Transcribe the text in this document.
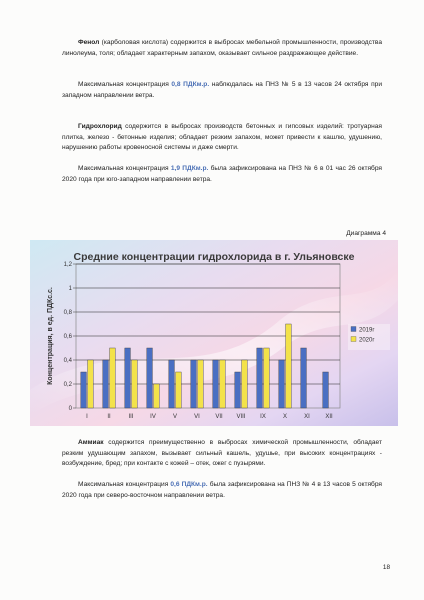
Фенол (карболовая кислота) содержится в выбросах мебельной промышленности, производства линолеума, толя; обладает характерным запахом, оказывает сильное раздражающее действие.

Максимальная концентрация 0,8 ПДКм.р. наблюдалась на ПНЗ № 5 в 13 часов 24 октября при западном направлении ветра.

Гидрохлорид содержится в выбросах производств бетонных и гипсовых изделий: тротуарная плитка, железо - бетонные изделия; обладает резким запахом, может привести к кашлю, удушению, нарушению работы кровеносной системы и даже смерти.

Максимальная концентрация 1,9 ПДКм.р. была зафиксирована на ПНЗ № 6 в 01 час 26 октября 2020 года при юго-западном направлении ветра.

Диаграмма 4

Средние концентрации гидрохлорида в г. Ульяновске
0
0,2
0,4
0,6
0,8
1
1,2
Концентрация, в ед. ПДКс.с.
I	II	III	IV	V	VI	VII VIII IX	X	XI	XII
2019г
2020г

Аммиак содержится преимущественно в выбросах химической промышленности, обладает резким удушающим запахом, вызывает сильный кашель, удушье, при высоких концентрациях - возбуждение, бред; при контакте с кожей – отек, ожег с пузырями.

Максимальная концентрация 0,6 ПДКм.р. была зафиксирована на ПНЗ № 4 в 13 часов 5 октября 2020 года при северо-восточном направлении ветра.

18
